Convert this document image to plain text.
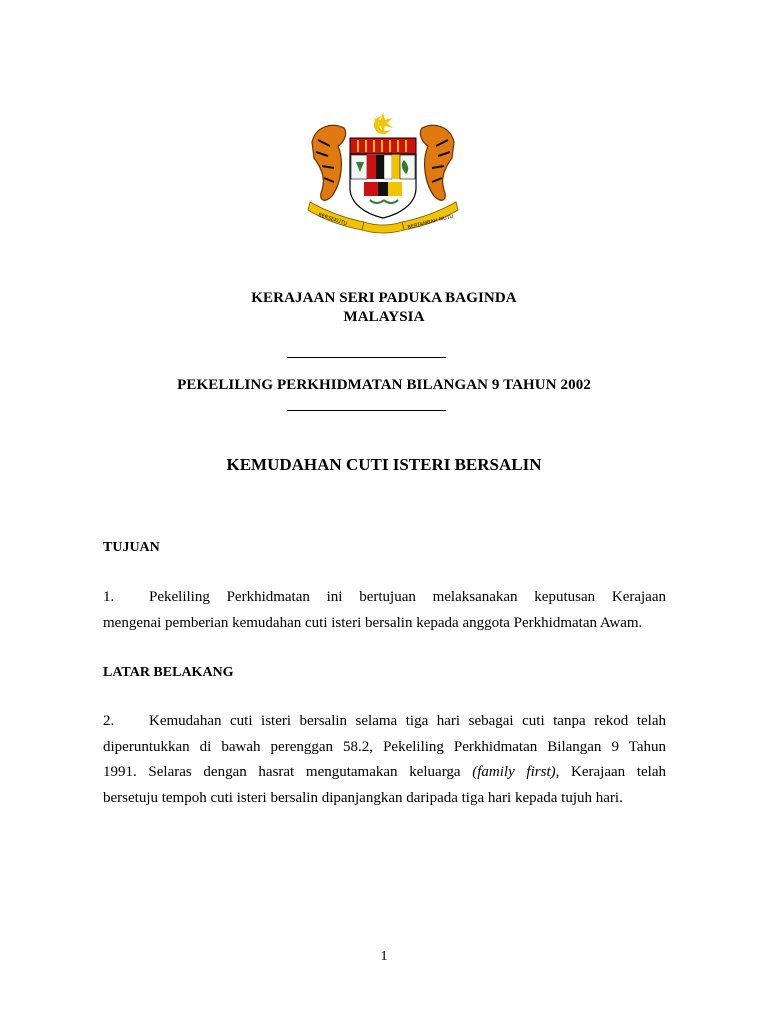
BERSEKUTU	BERTAMBAH MUTU
KERAJAAN SERI PADUKA BAGINDA
MALAYSIA
PEKELILING PERKHIDMATAN BILANGAN 9 TAHUN 2002
KEMUDAHAN CUTI ISTERI BERSALIN
TUJUAN
1. Pekeliling Perkhidmatan ini bertujuan melaksanakan keputusan Kerajaan
mengenai pemberian kemudahan cuti isteri bersalin kepada anggota Perkhidmatan Awam.
LATAR BELAKANG
2. Kemudahan cuti isteri bersalin selama tiga hari sebagai cuti tanpa rekod telah
diperuntukkan di bawah perenggan 58.2, Pekeliling Perkhidmatan Bilangan 9 Tahun
1991. Selaras dengan hasrat mengutamakan keluarga (family first), Kerajaan telah
bersetuju tempoh cuti isteri bersalin dipanjangkan daripada tiga hari kepada tujuh hari.
1
